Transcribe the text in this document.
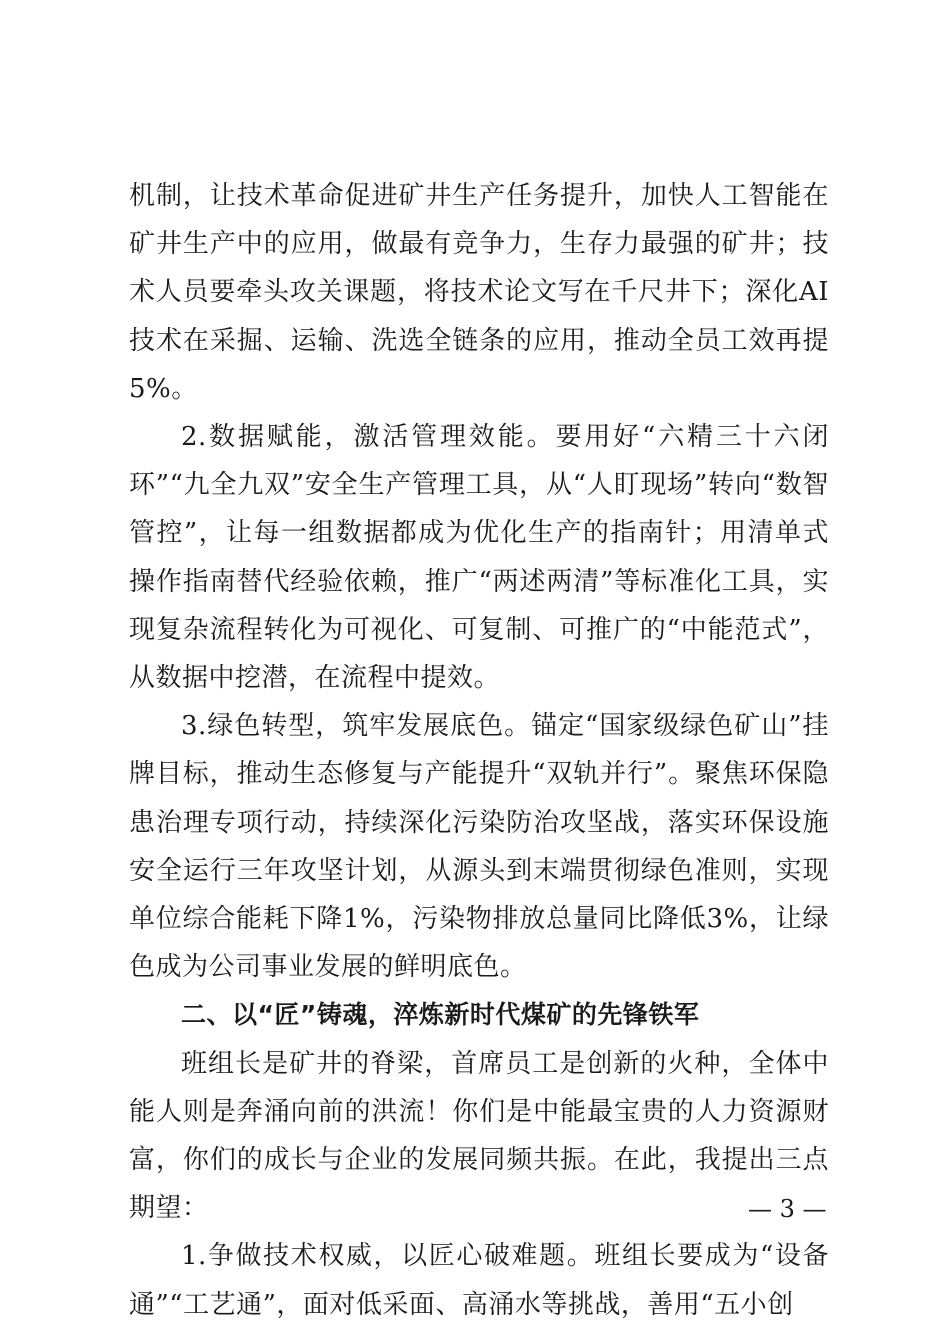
机制，让技术革命促进矿井生产任务提升，加快人工智能在矿井生产中的应用，做最有竞争力，生存力最强的矿井；技术人员要牵头攻关课题，将技术论文写在千尺井下；深化AI技术在采掘、运输、洗选全链条的应用，推动全员工效再提5%。

2.数据赋能，激活管理效能。要用好“六精三十六闭环”“九全九双”安全生产管理工具，从“人盯现场”转向“数智管控”，让每一组数据都成为优化生产的指南针；用清单式操作指南替代经验依赖，推广“两述两清”等标准化工具，实现复杂流程转化为可视化、可复制、可推广的“中能范式”，从数据中挖潜，在流程中提效。

3.绿色转型，筑牢发展底色。锚定“国家级绿色矿山”挂牌目标，推动生态修复与产能提升“双轨并行”。聚焦环保隐患治理专项行动，持续深化污染防治攻坚战，落实环保设施安全运行三年攻坚计划，从源头到末端贯彻绿色准则，实现单位综合能耗下降1%，污染物排放总量同比降低3%，让绿色成为公司事业发展的鲜明底色。

二、以“匠”铸魂，淬炼新时代煤矿的先锋铁军

班组长是矿井的脊梁，首席员工是创新的火种，全体中能人则是奔涌向前的洪流！你们是中能最宝贵的人力资源财富，你们的成长与企业的发展同频共振。在此，我提出三点期望：

1.争做技术权威，以匠心破难题。班组长要成为“设备通”“工艺通”，面对低采面、高涌水等挑战，善用“五小创

— 3 —
